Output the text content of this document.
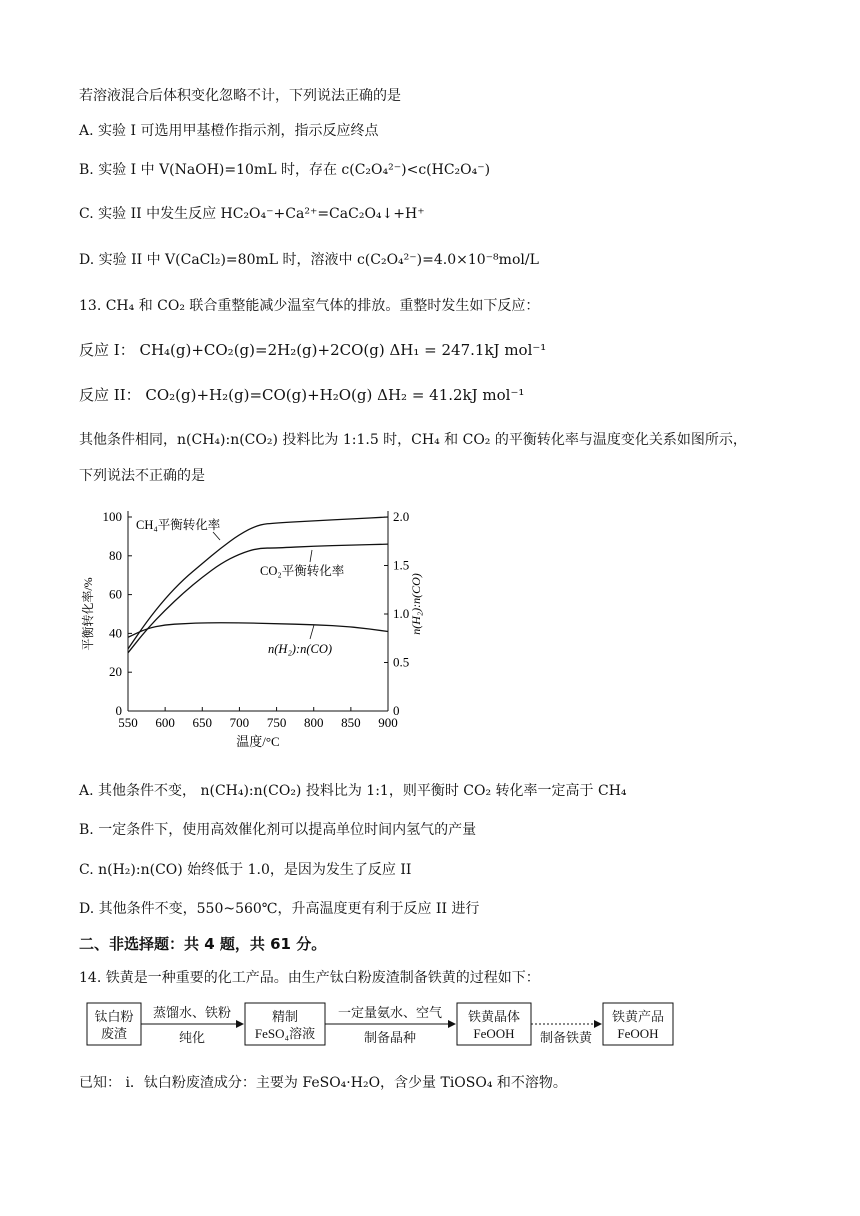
若溶液混合后体积变化忽略不计，下列说法正确的是
A. 实验 I 可选用甲基橙作指示剂，指示反应终点
B. 实验 I 中 V(NaOH)=10mL 时，存在 c(C₂O₄²⁻)<c(HC₂O₄⁻)
C. 实验 II 中发生反应 HC₂O₄⁻+Ca²⁺=CaC₂O₄↓+H⁺
D. 实验 II 中 V(CaCl₂)=80mL 时，溶液中 c(C₂O₄²⁻)=4.0×10⁻⁸mol/L
13. CH₄ 和 CO₂ 联合重整能减少温室气体的排放。重整时发生如下反应：
反应 I： CH₄(g)+CO₂(g)=2H₂(g)+2CO(g) ΔH₁ = 247.1kJ mol⁻¹
反应 II： CO₂(g)+H₂(g)=CO(g)+H₂O(g) ΔH₂ = 41.2kJ mol⁻¹
其他条件相同，n(CH₄):n(CO₂) 投料比为 1:1.5 时，CH₄ 和 CO₂ 的平衡转化率与温度变化关系如图所示，
下列说法不正确的是
550 600 650 700 750 800 850 900
0
20
40
60
80
100
0
0.5
1.0
1.5
2.0
温度/°C
平衡转化率/%	n(H₂):n(CO)
CH₄平衡转化率
CO₂平衡转化率
n(H₂):n(CO)
A. 其他条件不变， n(CH₄):n(CO₂) 投料比为 1:1，则平衡时 CO₂ 转化率一定高于 CH₄
B. 一定条件下，使用高效催化剂可以提高单位时间内氢气的产量
C. n(H₂):n(CO) 始终低于 1.0，是因为发生了反应 II
D. 其他条件不变，550~560℃，升高温度更有利于反应 II 进行
二、非选择题：共 4 题，共 61 分。
14. 铁黄是一种重要的化工产品。由生产钛白粉废渣制备铁黄的过程如下：
钛白粉
废渣
蒸馏水、铁粉
纯化
精制
FeSO₄溶液
一定量氨水、空气
制备晶种
铁黄晶体
FeOOH 制备铁黄
铁黄产品
FeOOH
已知： i．钛白粉废渣成分：主要为 FeSO₄·H₂O，含少量 TiOSO₄ 和不溶物。
